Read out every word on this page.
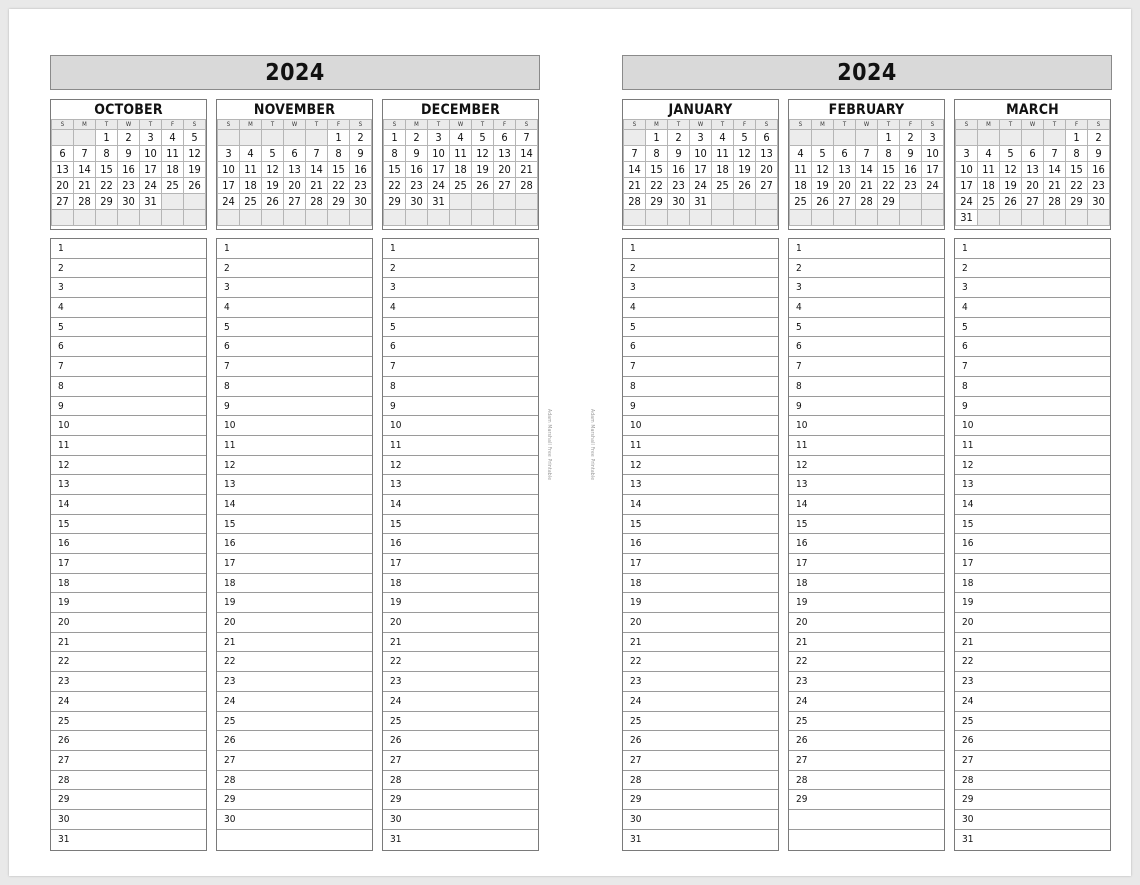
2024
OCTOBER
S	M	T	W	T	F	S
		1	2	3	4	5
6	7	8	9	10	11	12
13	14	15	16	17	18	19
20	21	22	23	24	25	26
27	28	29	30	31		

NOVEMBER
S	M	T	W	T	F	S
					1	2
3	4	5	6	7	8	9
10	11	12	13	14	15	16
17	18	19	20	21	22	23
24	25	26	27	28	29	30

DECEMBER
S	M	T	W	T	F	S
1	2	3	4	5	6	7
8	9	10	11	12	13	14
15	16	17	18	19	20	21
22	23	24	25	26	27	28
29	30	31				

1
2
3
4
5
6
7
8
9
10
11
12
13
14
15
16
17
18
19
20
21
22
23
24
25
26
27
28
29
30
31
1
2
3
4
5
6
7
8
9
10
11
12
13
14
15
16
17
18
19
20
21
22
23
24
25
26
27
28
29
30
1
2
3
4
5
6
7
8
9
10
11
12
13
14
15
16
17
18
19
20
21
22
23
24
25
26
27
28
29
30
31
2024
JANUARY
S	M	T	W	T	F	S
	1	2	3	4	5	6
7	8	9	10	11	12	13
14	15	16	17	18	19	20
21	22	23	24	25	26	27
28	29	30	31			

FEBRUARY
S	M	T	W	T	F	S
				1	2	3
4	5	6	7	8	9	10
11	12	13	14	15	16	17
18	19	20	21	22	23	24
25	26	27	28	29		

MARCH
S	M	T	W	T	F	S
					1	2
3	4	5	6	7	8	9
10	11	12	13	14	15	16
17	18	19	20	21	22	23
24	25	26	27	28	29	30
31						
1
2
3
4
5
6
7
8
9
10
11
12
13
14
15
16
17
18
19
20
21
22
23
24
25
26
27
28
29
30
31
1
2
3
4
5
6
7
8
9
10
11
12
13
14
15
16
17
18
19
20
21
22
23
24
25
26
27
28
29
1
2
3
4
5
6
7
8
9
10
11
12
13
14
15
16
17
18
19
20
21
22
23
24
25
26
27
28
29
30
31
Adam Marshall Free Printable	Adam Marshall Free Printable
